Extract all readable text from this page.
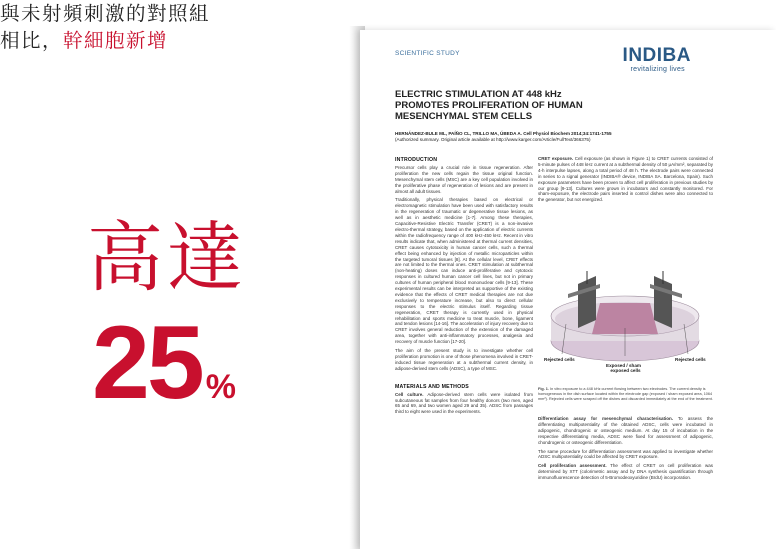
與未射頻刺激的對照組
相比，幹細胞新增
高達
25 %
SCIENTIFIC STUDY	INDIBA
revitalizing lives
ELECTRIC STIMULATION AT 448 kHz
PROMOTES PROLIFERATION OF HUMAN
MESENCHYMAL STEM CELLS
HERNÁNDEZ-BULE ML, PAÍÑO CL, TRILLO MA, ÚBEDA A. Cell Physiol Biochem 2014;34:1741-1755
(Authorized summary. Original article available at http://www.karger.com/Article/FullText/366375)
INTRODUCTION

Precursor cells play a crucial role in tissue regeneration. After proliferation the new cells regain the tissue original function. Mesenchymal stem cells (MSC) are a key cell population involved in the proliferative phase of regeneration of lesions and are present in almost all adult tissues.

Traditionally, physical therapies based on electrical or electromagnetic stimulation have been used with satisfactory results in the regeneration of traumatic or degenerative tissue lesions, as well as in aesthetic medicine [1-7]. Among these therapies, Capacitive-Resistive Electric Transfer (CRET) is a non-invasive electro-thermal strategy, based on the application of electric currents within the radiofrequency range of 400 kHz-450 kHz. Recent in vitro results indicate that, when administered at thermal current densities, CRET causes cytotoxicity in human cancer cells, such a thermal effect being enhanced by injection of metallic microparticles within the targeted tumoral tissues [8]. At the cellular level, CRET effects are not limited to the thermal ones. CRET stimulation at subthermal (non-heating) doses can induce anti-proliferative and cytotoxic responses in cultured human cancer cell lines, but not in primary cultures of human peripheral blood mononuclear cells [9-13]. These experimental results can be interpreted as supportive of the existing evidence that the effects of CRET medical therapies are not due exclusively to temperature increase, but also to direct cellular responses to the electric stimulus itself. Regarding tissue regeneration, CRET therapy is currently used in physical rehabilitation and sports medicine to treat muscle, bone, ligament and tendon lesions [14-16]. The acceleration of injury recovery due to CRET involves general reduction of the extension of the damaged area, together with anti-inflammatory processes, analgesia and recovery of muscle function [17-20].

The aim of the present study is to investigate whether cell proliferation promotion is one of those phenomena involved in CRET-induced tissue regeneration at a subthermal current density, in adipose-derived stem cells (ADSC), a type of MSC.

MATERIALS AND METHODS

Cell culture. Adipose-derived stem cells were isolated from subcutaneous fat samples from four healthy donors (two men, aged 65 and 69, and two women aged 29 and 35). ADSC from passages third to eight were used in the experiments.

CRET exposure. Cell exposure (as shown in Figure 1) to CRET currents consisted of 5-minute pulses of 448 kHz current at a subthermal density of 50 μA/mm², separated by 4-h interpulse lapses, along a total period of 48 h. The electrode pairs were connected in series to a signal generator (INDIBA® device, INDIBA SA. Barcelona, Spain). Such exposure parameters have been proven to affect cell proliferation in previous studies by our group [9-13]. Cultures were grown in incubators and constantly monitored. For sham-exposure, the electrode pairs inserted in control dishes were also connected to the generator, but not energized.

Rejected cells	Rejected cells
Exposed / sham
exposed cells
Fig. 1. In vitro exposure to a 448 kHz current flowing between two electrodes. The current density is homogeneous in the dish surface located within the electrode gap (exposed / sham exposed area, 1064 mm²). Rejected cells were scraped off the dishes and discarded immediately at the end of the treatment.

Differentiation assay for mesenchymal characterisation. To assess the differentiating multipotentiality of the obtained ADSC, cells were incubated in adipogenic, chondrogenic or osteogenic medium. At day 15 of incubation in the respective differentiating media, ADSC were fixed for assessment of adipogenic, chondrogenic or osteogenic differentiation.

The same procedure for differentiation assessment was applied to investigate whether ADSC multipotentiality could be affected by CRET exposure.

Cell proliferation assessment. The effect of CRET on cell proliferation was determined by XTT (colorimetric assay and by DNA synthesis quantification through immunofluorescence detection of 5-Bromodeoxyuridine (BrdU) incorporation.
